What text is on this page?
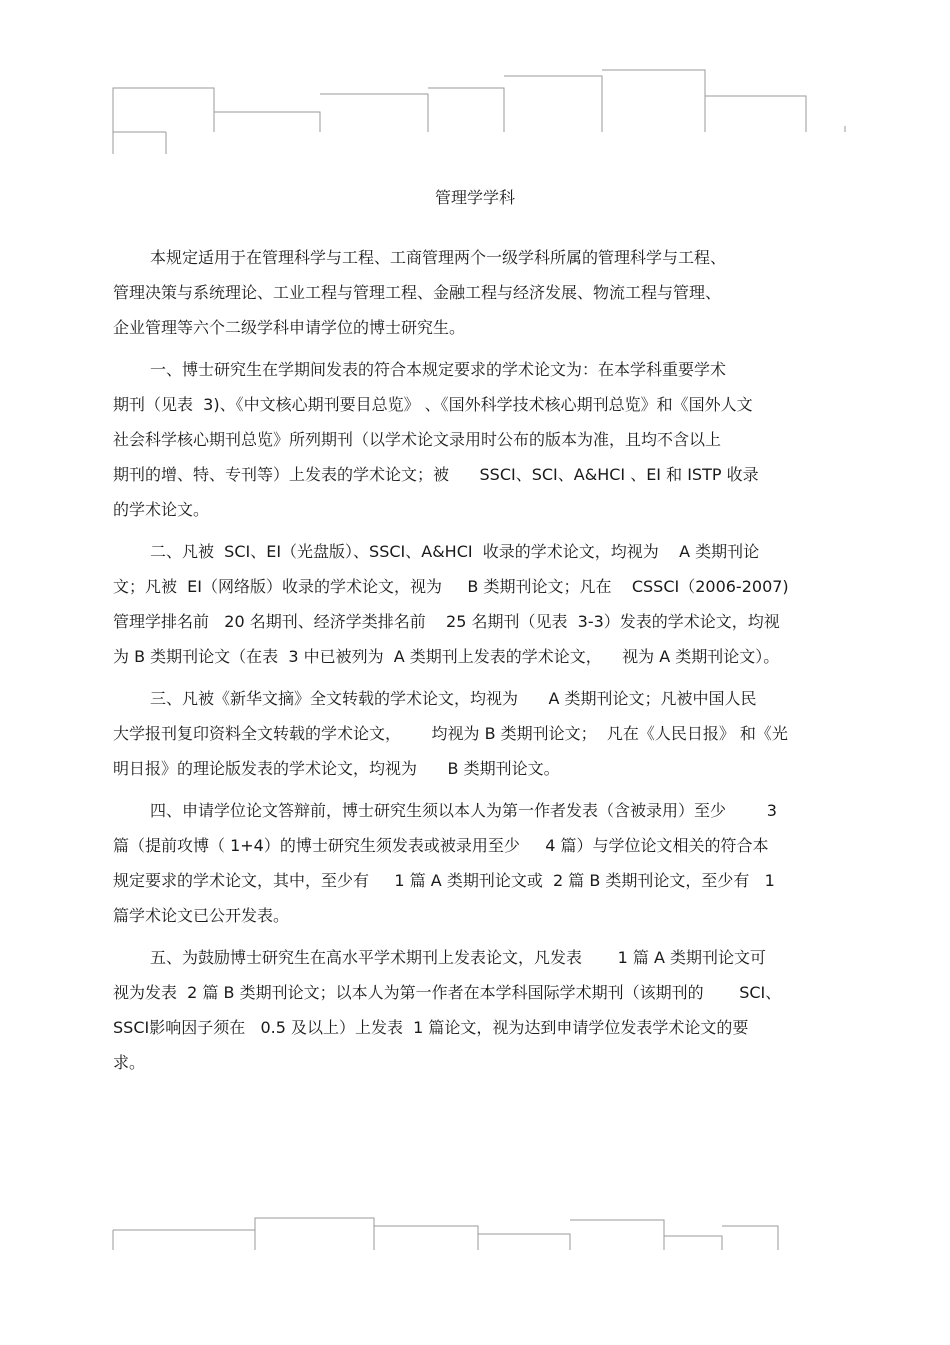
管理学学科
本规定适用于在管理科学与工程、工商管理两个一级学科所属的管理科学与工程、
管理决策与系统理论、工业工程与管理工程、金融工程与经济发展、物流工程与管理、
企业管理等六个二级学科申请学位的博士研究生。
一、博士研究生在学期间发表的符合本规定要求的学术论文为：在本学科重要学术
期刊（见表  3)、《中文核心期刊要目总览》 、《国外科学技术核心期刊总览》和《国外人文
社会科学核心期刊总览》所列期刊（以学术论文录用时公布的版本为准，且均不含以上
期刊的增、特、专刊等）上发表的学术论文；被      SSCI、SCI、A&HCI 、EI 和 ISTP 收录
的学术论文。
二、凡被  SCI、EI（光盘版）、SSCI、A&HCI  收录的学术论文，均视为    A 类期刊论
文；凡被  EI（网络版）收录的学术论文，视为     B 类期刊论文；凡在    CSSCI（2006-2007)
管理学排名前   20 名期刊、经济学类排名前    25 名期刊（见表  3-3）发表的学术论文，均视
为 B 类期刊论文（在表  3 中已被列为  A 类期刊上发表的学术论文，    视为 A 类期刊论文）。
三、凡被《新华文摘》全文转载的学术论文，均视为      A 类期刊论文；凡被中国人民
大学报刊复印资料全文转载的学术论文，      均视为 B 类期刊论文；  凡在《人民日报》 和《光
明日报》的理论版发表的学术论文，均视为      B 类期刊论文。
四、申请学位论文答辩前，博士研究生须以本人为第一作者发表（含被录用）至少        3
篇（提前攻博（ 1+4）的博士研究生须发表或被录用至少     4 篇）与学位论文相关的符合本
规定要求的学术论文，其中，至少有     1 篇 A 类期刊论文或  2 篇 B 类期刊论文，至少有   1
篇学术论文已公开发表。
五、为鼓励博士研究生在高水平学术期刊上发表论文，凡发表       1 篇 A 类期刊论文可
视为发表  2 篇 B 类期刊论文；以本人为第一作者在本学科国际学术期刊（该期刊的       SCI、
SSCI影响因子须在   0.5 及以上）上发表  1 篇论文，视为达到申请学位发表学术论文的要
求。
